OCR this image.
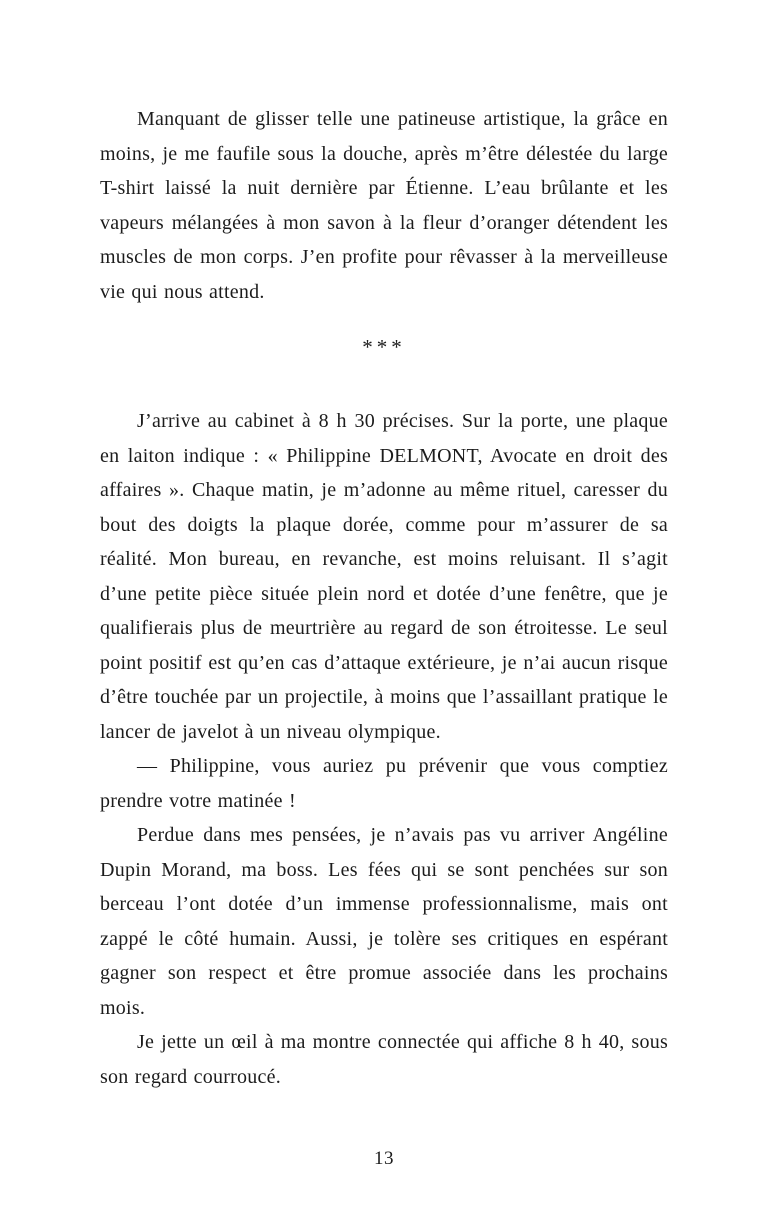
Manquant de glisser telle une patineuse artistique, la grâce en moins, je me faufile sous la douche, après m’être délestée du large T-shirt laissé la nuit dernière par Étienne. L’eau brûlante et les vapeurs mélangées à mon savon à la fleur d’oranger détendent les muscles de mon corps. J’en profite pour rêvasser à la merveilleuse vie qui nous attend.

***

J’arrive au cabinet à 8 h 30 précises. Sur la porte, une plaque en laiton indique : « Philippine DELMONT, Avocate en droit des affaires ». Chaque matin, je m’adonne au même rituel, caresser du bout des doigts la plaque dorée, comme pour m’assurer de sa réalité. Mon bureau, en revanche, est moins reluisant. Il s’agit d’une petite pièce située plein nord et dotée d’une fenêtre, que je qualifierais plus de meurtrière au regard de son étroitesse. Le seul point positif est qu’en cas d’attaque extérieure, je n’ai aucun risque d’être touchée par un projectile, à moins que l’assaillant pratique le lancer de javelot à un niveau olympique.

— Philippine, vous auriez pu prévenir que vous comptiez prendre votre matinée !

Perdue dans mes pensées, je n’avais pas vu arriver Angéline Dupin Morand, ma boss. Les fées qui se sont penchées sur son berceau l’ont dotée d’un immense professionnalisme, mais ont zappé le côté humain. Aussi, je tolère ses critiques en espérant gagner son respect et être promue associée dans les prochains mois.

Je jette un œil à ma montre connectée qui affiche 8 h 40, sous son regard courroucé.

13
